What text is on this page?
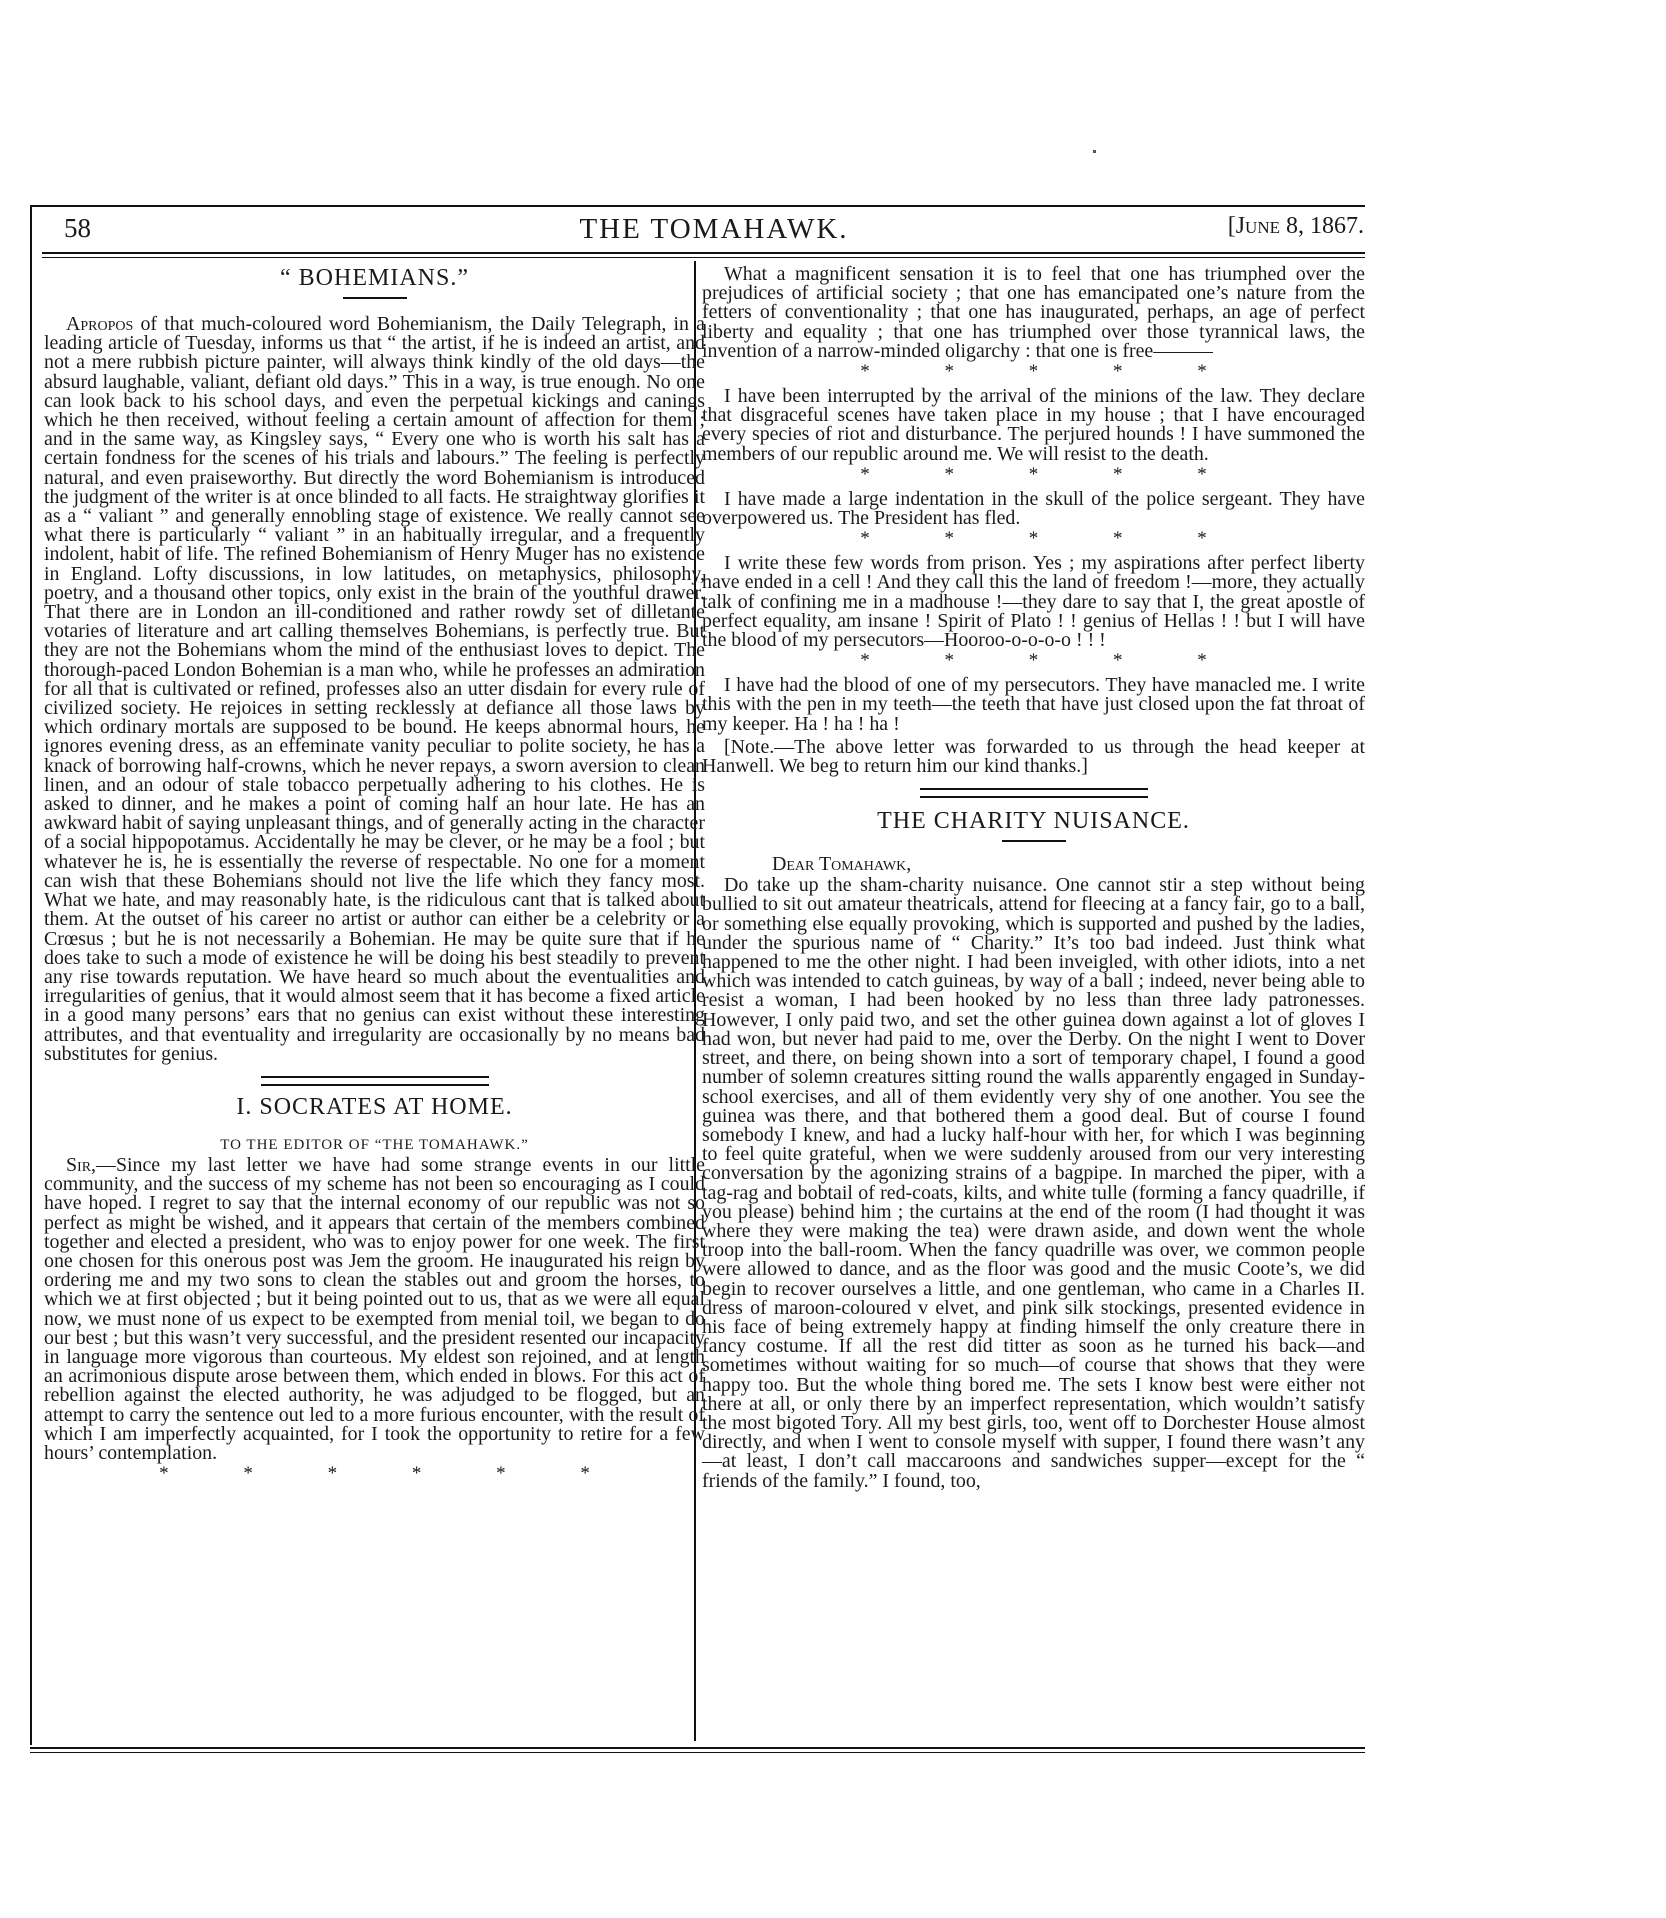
58	THE TOMAHAWK.	[June 8, 1867.
“ BOHEMIANS.”

Apropos of that much-coloured word Bohemianism, the Daily Telegraph, in a leading article of Tuesday, informs us that “ the artist, if he is indeed an artist, and not a mere rubbish picture painter, will always think kindly of the old days—the absurd laughable, valiant, defiant old days.” This in a way, is true enough. No one can look back to his school days, and even the perpetual kickings and canings which he then received, without feeling a certain amount of affection for them ; and in the same way, as Kingsley says, “ Every one who is worth his salt has a certain fondness for the scenes of his trials and labours.” The feeling is perfectly natural, and even praiseworthy. But directly the word Bohemianism is introduced the judgment of the writer is at once blinded to all facts. He straightway glorifies it as a “ valiant ” and generally ennobling stage of existence. We really cannot see what there is particularly “ valiant ” in an habitually irregular, and a frequently indolent, habit of life. The refined Bohemianism of Henry Muger has no existence in England. Lofty discussions, in low latitudes, on metaphysics, philosophy, poetry, and a thousand other topics, only exist in the brain of the youthful drawer. That there are in London an ill-conditioned and rather rowdy set of dilletante votaries of literature and art calling themselves Bohemians, is perfectly true. But they are not the Bohemians whom the mind of the enthusiast loves to depict. The thorough-paced London Bohemian is a man who, while he professes an admiration for all that is cultivated or refined, professes also an utter disdain for every rule of civilized society. He rejoices in setting recklessly at defiance all those laws by which ordinary mortals are supposed to be bound. He keeps abnormal hours, he ignores evening dress, as an effeminate vanity peculiar to polite society, he has a knack of borrowing half-crowns, which he never repays, a sworn aversion to clean linen, and an odour of stale tobacco perpetually adhering to his clothes. He is asked to dinner, and he makes a point of coming half an hour late. He has an awkward habit of saying unpleasant things, and of generally acting in the character of a social hippopotamus. Accidentally he may be clever, or he may be a fool ; but whatever he is, he is essentially the reverse of respectable. No one for a moment can wish that these Bohemians should not live the life which they fancy most. What we hate, and may reasonably hate, is the ridiculous cant that is talked about them. At the outset of his career no artist or author can either be a celebrity or a Crœsus ; but he is not necessarily a Bohemian. He may be quite sure that if he does take to such a mode of existence he will be doing his best steadily to prevent any rise towards reputation. We have heard so much about the eventualities and irregularities of genius, that it would almost seem that it has become a fixed article in a good many persons’ ears that no genius can exist without these interesting attributes, and that eventuality and irregularity are occasionally by no means bad substitutes for genius.

I. SOCRATES AT HOME.
TO THE EDITOR OF “THE TOMAHAWK.”

Sir,—Since my last letter we have had some strange events in our little community, and the success of my scheme has not been so encouraging as I could have hoped. I regret to say that the internal economy of our republic was not so perfect as might be wished, and it appears that certain of the members combined together and elected a president, who was to enjoy power for one week. The first one chosen for this onerous post was Jem the groom. He inaugurated his reign by ordering me and my two sons to clean the stables out and groom the horses, to which we at first objected ; but it being pointed out to us, that as we were all equal now, we must none of us expect to be exempted from menial toil, we began to do our best ; but this wasn’t very successful, and the president resented our incapacity in language more vigorous than courteous. My eldest son rejoined, and at length an acrimonious dispute arose between them, which ended in blows. For this act of rebellion against the elected authority, he was adjudged to be flogged, but an attempt to carry the sentence out led to a more furious encounter, with the result of which I am imperfectly acquainted, for I took the opportunity to retire for a few hours’ contemplation.

* * * * * *

What a magnificent sensation it is to feel that one has triumphed over the prejudices of artificial society ; that one has emancipated one’s nature from the fetters of conventionality ; that one has inaugurated, perhaps, an age of perfect liberty and equality ; that one has triumphed over those tyrannical laws, the invention of a narrow-minded oligarchy : that one is free———

* * * * *

I have been interrupted by the arrival of the minions of the law. They declare that disgraceful scenes have taken place in my house ; that I have encouraged every species of riot and disturbance. The perjured hounds ! I have summoned the members of our republic around me. We will resist to the death.

* * * * *

I have made a large indentation in the skull of the police sergeant. They have overpowered us. The President has fled.

* * * * *

I write these few words from prison. Yes ; my aspirations after perfect liberty have ended in a cell ! And they call this the land of freedom !—more, they actually talk of confining me in a madhouse !—they dare to say that I, the great apostle of perfect equality, am insane ! Spirit of Plato ! ! genius of Hellas ! ! but I will have the blood of my persecutors—Hooroo-o-o-o-o ! ! !

* * * * *

I have had the blood of one of my persecutors. They have manacled me. I write this with the pen in my teeth—the teeth that have just closed upon the fat throat of my keeper. Ha ! ha ! ha !

[Note.—The above letter was forwarded to us through the head keeper at Hanwell. We beg to return him our kind thanks.]

THE CHARITY NUISANCE.
Dear Tomahawk,

Do take up the sham-charity nuisance. One cannot stir a step without being bullied to sit out amateur theatricals, attend for fleecing at a fancy fair, go to a ball, or something else equally provoking, which is supported and pushed by the ladies, under the spurious name of “ Charity.” It’s too bad indeed. Just think what happened to me the other night. I had been inveigled, with other idiots, into a net which was intended to catch guineas, by way of a ball ; indeed, never being able to resist a woman, I had been hooked by no less than three lady patronesses. However, I only paid two, and set the other guinea down against a lot of gloves I had won, but never had paid to me, over the Derby. On the night I went to Dover street, and there, on being shown into a sort of temporary chapel, I found a good number of solemn creatures sitting round the walls apparently engaged in Sunday-school exercises, and all of them evidently very shy of one another. You see the guinea was there, and that bothered them a good deal. But of course I found somebody I knew, and had a lucky half-hour with her, for which I was beginning to feel quite grateful, when we were suddenly aroused from our very interesting conversation by the agonizing strains of a bagpipe. In marched the piper, with a tag-rag and bobtail of red-coats, kilts, and white tulle (forming a fancy quadrille, if you please) behind him ; the curtains at the end of the room (I had thought it was where they were making the tea) were drawn aside, and down went the whole troop into the ball-room. When the fancy quadrille was over, we common people were allowed to dance, and as the floor was good and the music Coote’s, we did begin to recover ourselves a little, and one gentleman, who came in a Charles II. dress of maroon-coloured v elvet, and pink silk stockings, presented evidence in his face of being extremely happy at finding himself the only creature there in fancy costume. If all the rest did titter as soon as he turned his back—and sometimes without waiting for so much—of course that shows that they were happy too. But the whole thing bored me. The sets I know best were either not there at all, or only there by an imperfect representation, which wouldn’t satisfy the most bigoted Tory. All my best girls, too, went off to Dorchester House almost directly, and when I went to console myself with supper, I found there wasn’t any—at least, I don’t call maccaroons and sandwiches supper—except for the “ friends of the family.” I found, too,
